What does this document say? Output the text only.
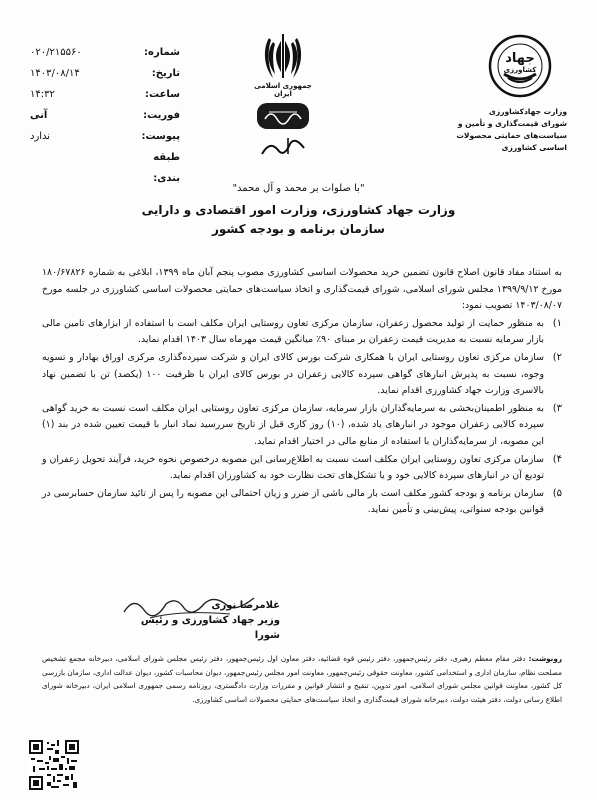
شماره:
۰۲۰/۲۱۵۵۶۰
تاریخ:
۱۴۰۳/۰۸/۱۴
ساعت:
۱۴:۳۲
فوریت:
آنی
پیوست:
ندارد
طبقه بندی:
جمهوری اسلامی ایران
جهاد
کشاورزی
وزارت جهادکشاورزی
شورای قیمت‌گذاری و تأمین و
سیاست‌های حمایتی محصولات اساسی کشاورزی
"با صلوات بر محمد و آل محمد"
وزارت جهاد کشاورزی، وزارت امور اقتصادی و دارایی
سازمان برنامه و بودجه کشور

به استناد مفاد قانون اصلاح قانون تضمین خرید محصولات اساسی کشاورزی مصوب پنجم آبان ماه ۱۳۹۹، ابلاغی به شماره ۱۸۰/۶۷۸۲۶ مورخ ۱۳۹۹/۹/۱۲ مجلس شورای اسلامی، شورای قیمت‌گذاری و اتخاذ سیاست‌های حمایتی محصولات اساسی کشاورزی در جلسه مورخ ۱۴۰۳/۰۸/۰۷ تصویب نمود:

۱)
به منظور حمایت از تولید محصول زعفران، سازمان مرکزی تعاون روستایی ایران مکلف است با استفاده از ابزارهای تامین مالی بازار سرمایه نسبت به مدیریت قیمت زعفران بر مبنای ۹۰٪ میانگین قیمت مهرماه سال ۱۴۰۳ اقدام نماید.
۲)
سازمان مرکزی تعاون روستایی ایران با همکاری شرکت بورس کالای ایران و شرکت سپرده‌گذاری مرکزی اوراق بهادار و تسویه وجوه، نسبت به پذیرش انبارهای گواهی سپرده کالایی زعفران در بورس کالای ایران با ظرفیت ۱۰۰ (یکصد) تن با تضمین نهاد بالاسری وزارت جهاد کشاورزی اقدام نماید.
۳)
به منظور اطمینان‌بخشی به سرمایه‌گذاران بازار سرمایه، سازمان مرکزی تعاون روستایی ایران مکلف است نسبت به خرید گواهی سپرده کالایی زعفران موجود در انبارهای یاد شده، (۱۰) روز کاری قبل از تاریخ سررسید نماد انبار با قیمت تعیین شده در بند (۱) این مصوبه، از سرمایه‌گذاران با استفاده از منابع مالی در اختیار اقدام نماید.
۴)
سازمان مرکزی تعاون روستایی ایران مکلف است نسبت به اطلاع‌رسانی این مصوبه درخصوص نحوه خرید، فرآیند تحویل زعفران و تودیع آن در انبارهای سپرده کالایی خود و یا تشکل‌های تحت نظارت خود به کشاورزان اقدام نماید.
۵)
سازمان برنامه و بودجه کشور مکلف است بار مالی ناشی از ضرر و زیان احتمالی این مصوبه را پس از تائید سازمان حسابرسی در قوانین بودجه سنواتی، پیش‌بینی و تأمین نماید.
غلامرضا نوری
وزیر جهاد کشاورزی و رئیس شورا
رونوشت: دفتر مقام معظم رهبری، دفتر رئیس‌جمهور، دفتر رئیس قوه قضائیه، دفتر معاون اول رئیس‌جمهور، دفتر رئیس مجلس شورای اسلامی، دبیرخانه مجمع تشخیص مصلحت نظام، سازمان اداری و استخدامی کشور، معاونت حقوقی رئیس‌جمهور، معاونت امور مجلس رئیس‌جمهور، دیوان محاسبات کشور، دیوان عدالت اداری، سازمان بازرسی کل کشور، معاونت قوانین مجلس شورای اسلامی، امور تدوین، تنقیح و انتشار قوانین و مقررات وزارت دادگستری، روزنامه رسمی جمهوری اسلامی ایران، دبیرخانه شورای اطلاع رسانی دولت، دفتر هیئت دولت، دبیرخانه شورای قیمت‌گذاری و اتخاذ سیاست‌های حمایتی محصولات اساسی کشاورزی.
